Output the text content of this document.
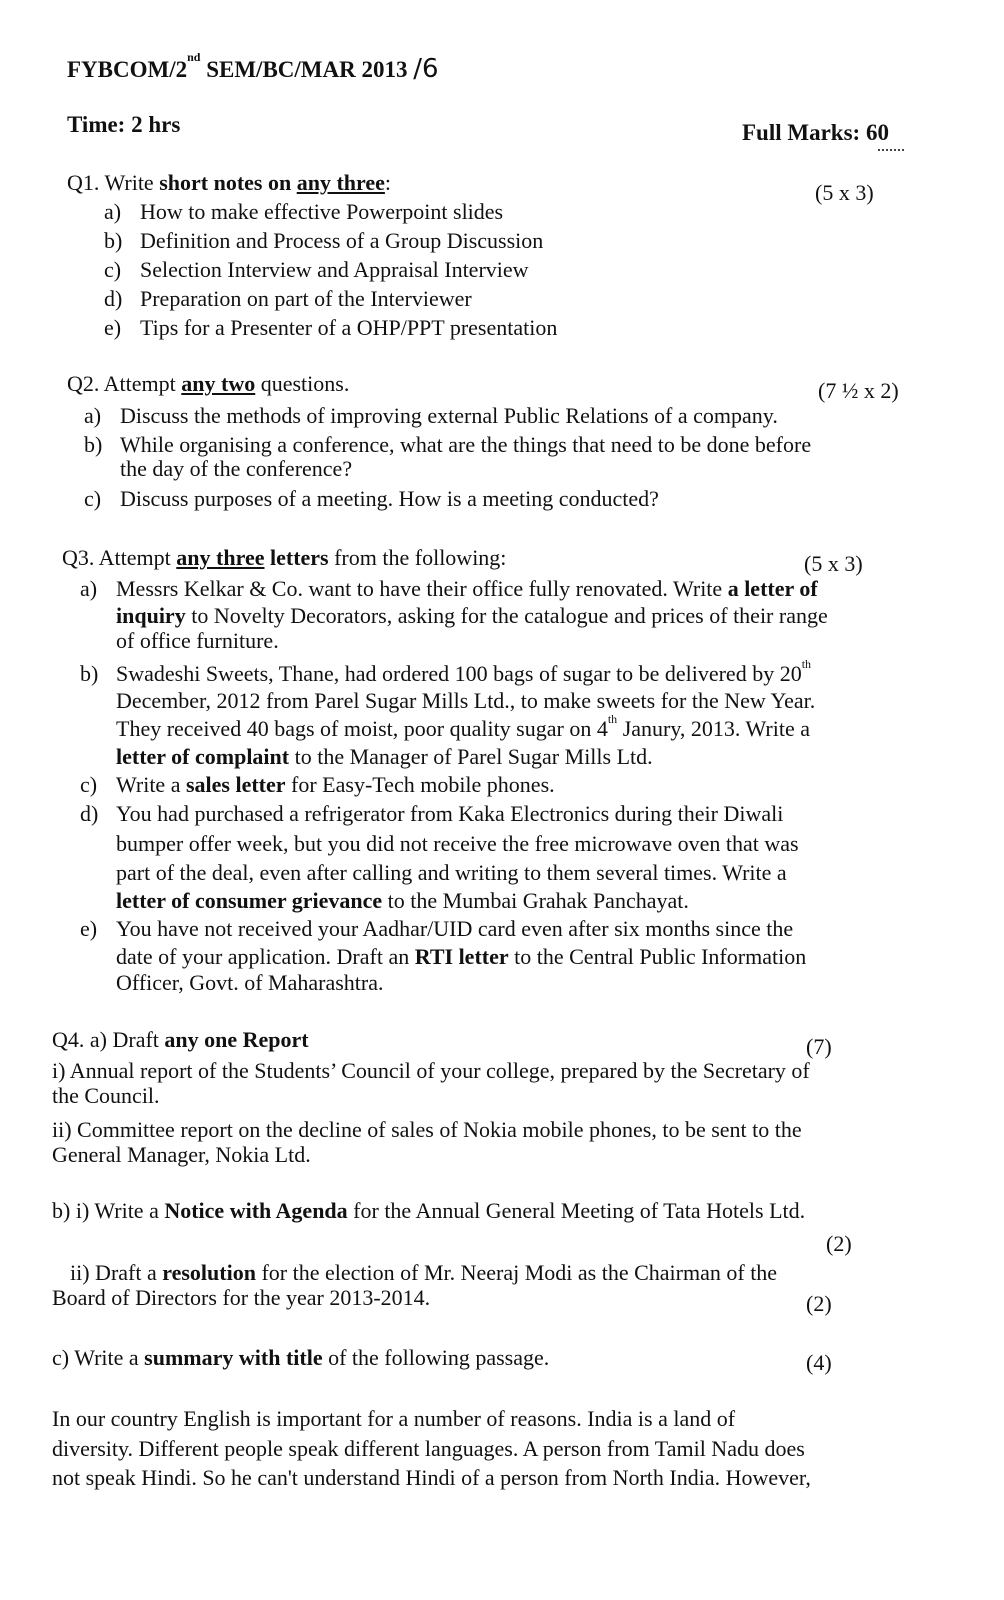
FYBCOM/2nd SEM/BC/MAR 2013 /6
Time: 2 hrs	Full Marks: 60
Q1. Write short notes on any three:	(5 x 3)
a) How to make effective Powerpoint slides
b) Definition and Process of a Group Discussion
c) Selection Interview and Appraisal Interview
d) Preparation on part of the Interviewer
e) Tips for a Presenter of a OHP/PPT presentation
Q2. Attempt any two questions.	(7 ½ x 2)
a) Discuss the methods of improving external Public Relations of a company.
b) While organising a conference, what are the things that need to be done before
the day of the conference?
c) Discuss purposes of a meeting. How is a meeting conducted?
Q3. Attempt any three letters from the following:	(5 x 3)
a) Messrs Kelkar & Co. want to have their office fully renovated. Write a letter of
inquiry to Novelty Decorators, asking for the catalogue and prices of their range
of office furniture.
b) Swadeshi Sweets, Thane, had ordered 100 bags of sugar to be delivered by 20th
December, 2012 from Parel Sugar Mills Ltd., to make sweets for the New Year.
They received 40 bags of moist, poor quality sugar on 4th Janury, 2013. Write a
letter of complaint to the Manager of Parel Sugar Mills Ltd.
c) Write a sales letter for Easy-Tech mobile phones.
d) You had purchased a refrigerator from Kaka Electronics during their Diwali
bumper offer week, but you did not receive the free microwave oven that was
part of the deal, even after calling and writing to them several times. Write a
letter of consumer grievance to the Mumbai Grahak Panchayat.
e) You have not received your Aadhar/UID card even after six months since the
date of your application. Draft an RTI letter to the Central Public Information
Officer, Govt. of Maharashtra.
Q4. a) Draft any one Report	(7)
i) Annual report of the Students’ Council of your college, prepared by the Secretary of
the Council.
ii) Committee report on the decline of sales of Nokia mobile phones, to be sent to the
General Manager, Nokia Ltd.
b) i) Write a Notice with Agenda for the Annual General Meeting of Tata Hotels Ltd.
(2)
ii) Draft a resolution for the election of Mr. Neeraj Modi as the Chairman of the
Board of Directors for the year 2013-2014.	(2)
c) Write a summary with title of the following passage.	(4)
In our country English is important for a number of reasons. India is a land of
diversity. Different people speak different languages. A person from Tamil Nadu does
not speak Hindi. So he can't understand Hindi of a person from North India. However,
